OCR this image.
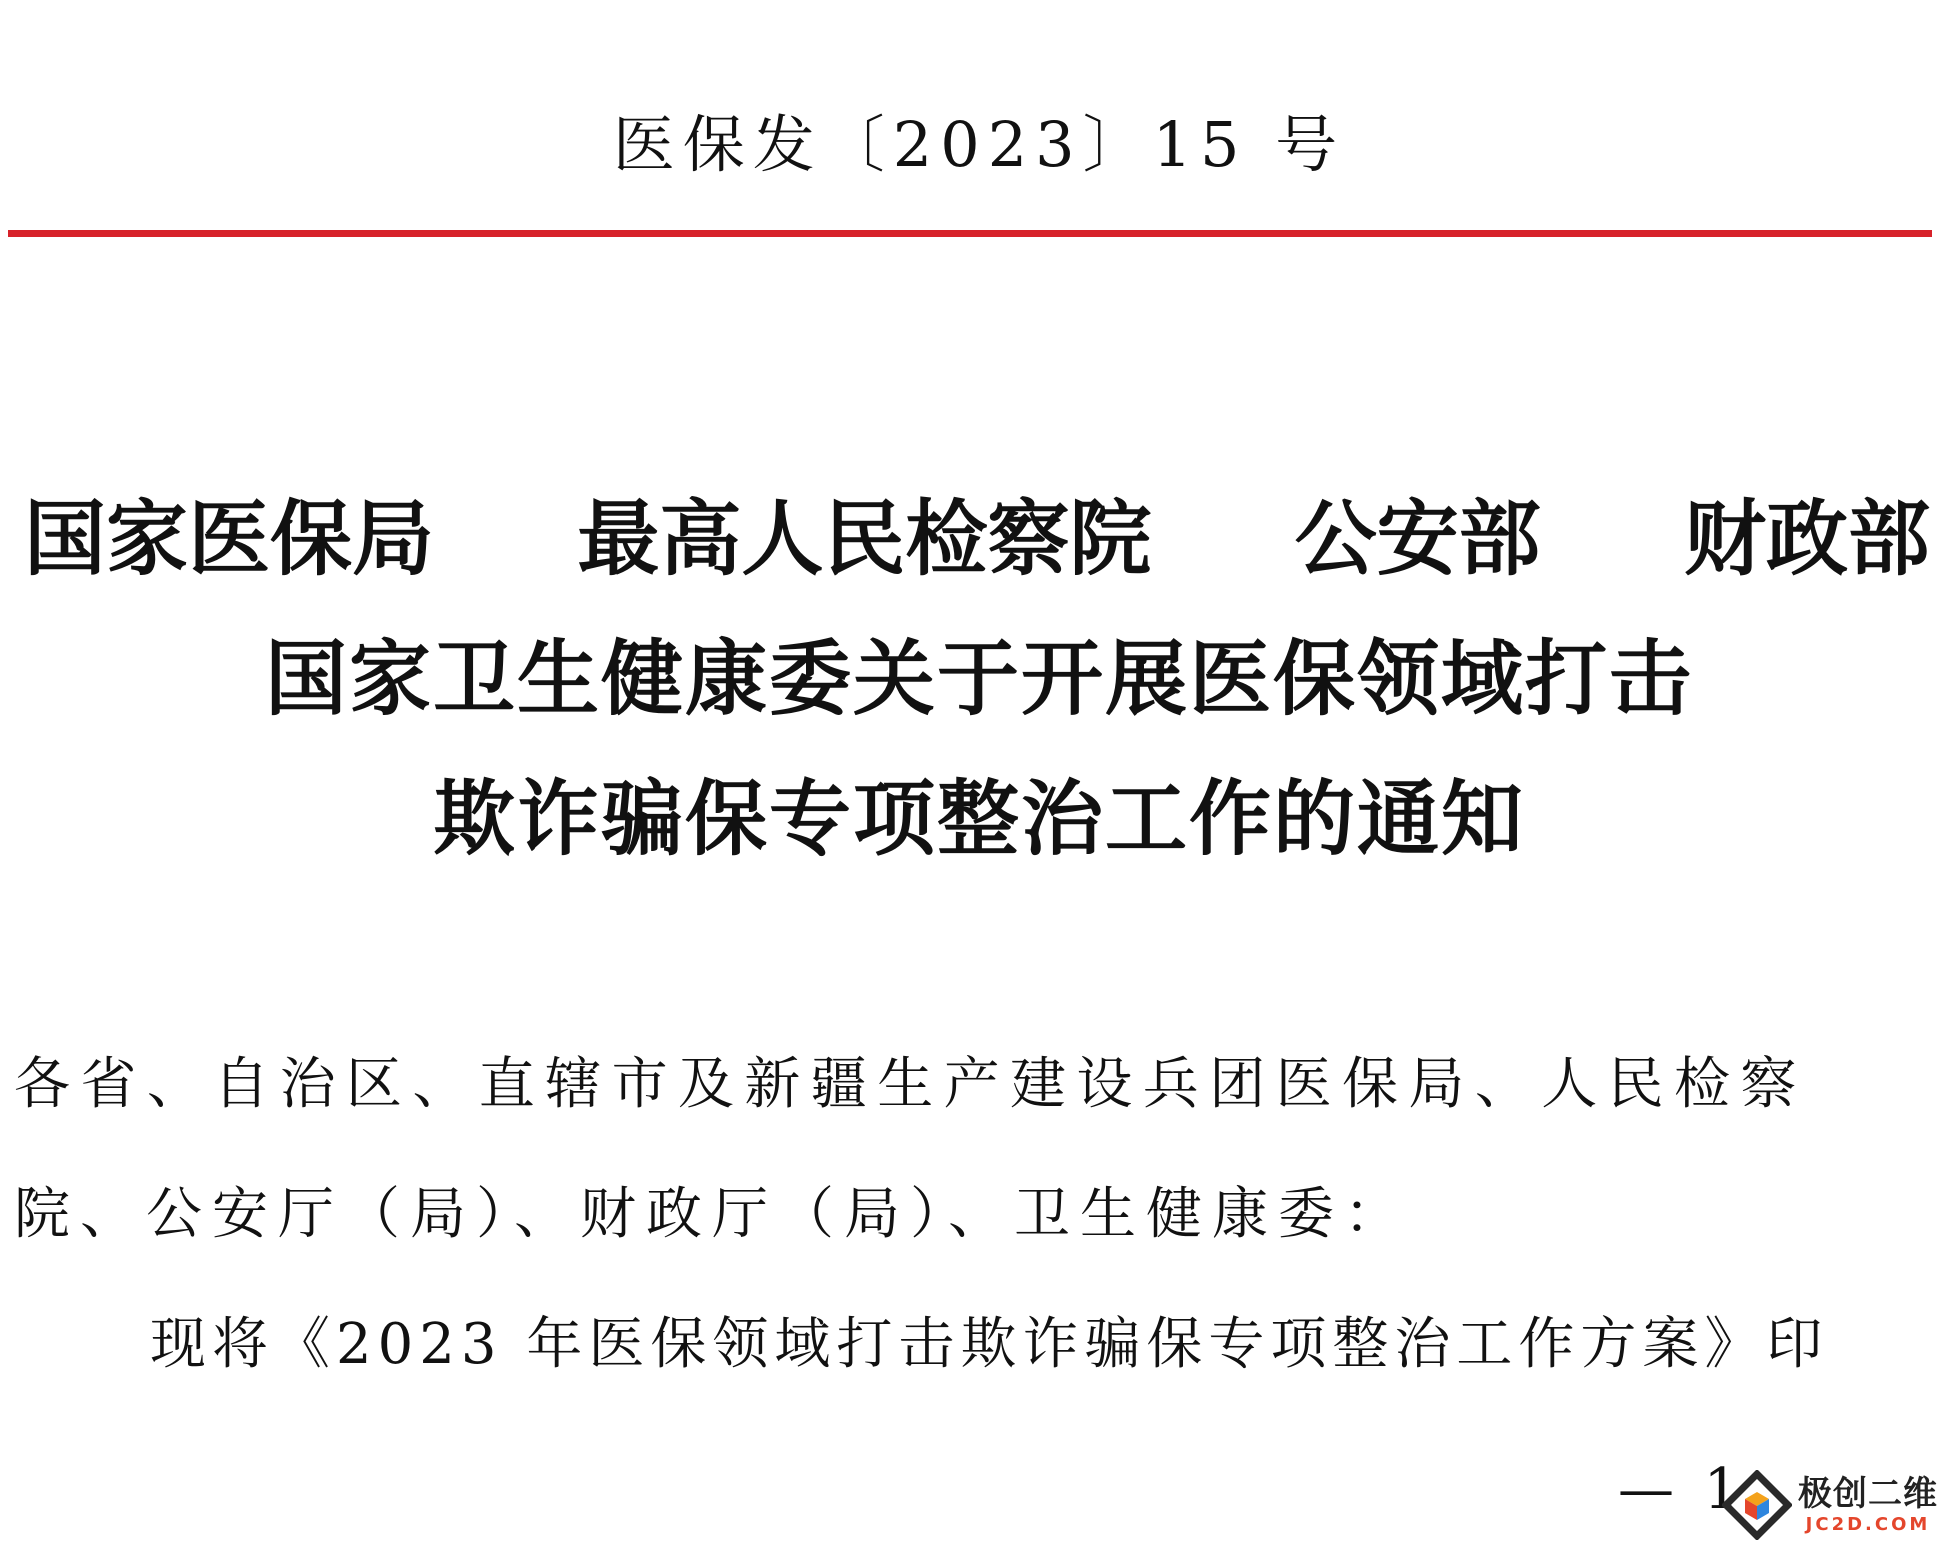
医保发〔2023〕15 号
国家医保局 最高人民检察院 公安部 财政部
国家卫生健康委关于开展医保领域打击
欺诈骗保专项整治工作的通知
各省、自治区、直辖市及新疆生产建设兵团医保局、人民检察
院、公安厅（局）、财政厅（局）、卫生健康委：
现将《2023 年医保领域打击欺诈骗保专项整治工作方案》印
— 1 极创二维
JC2D.COM
